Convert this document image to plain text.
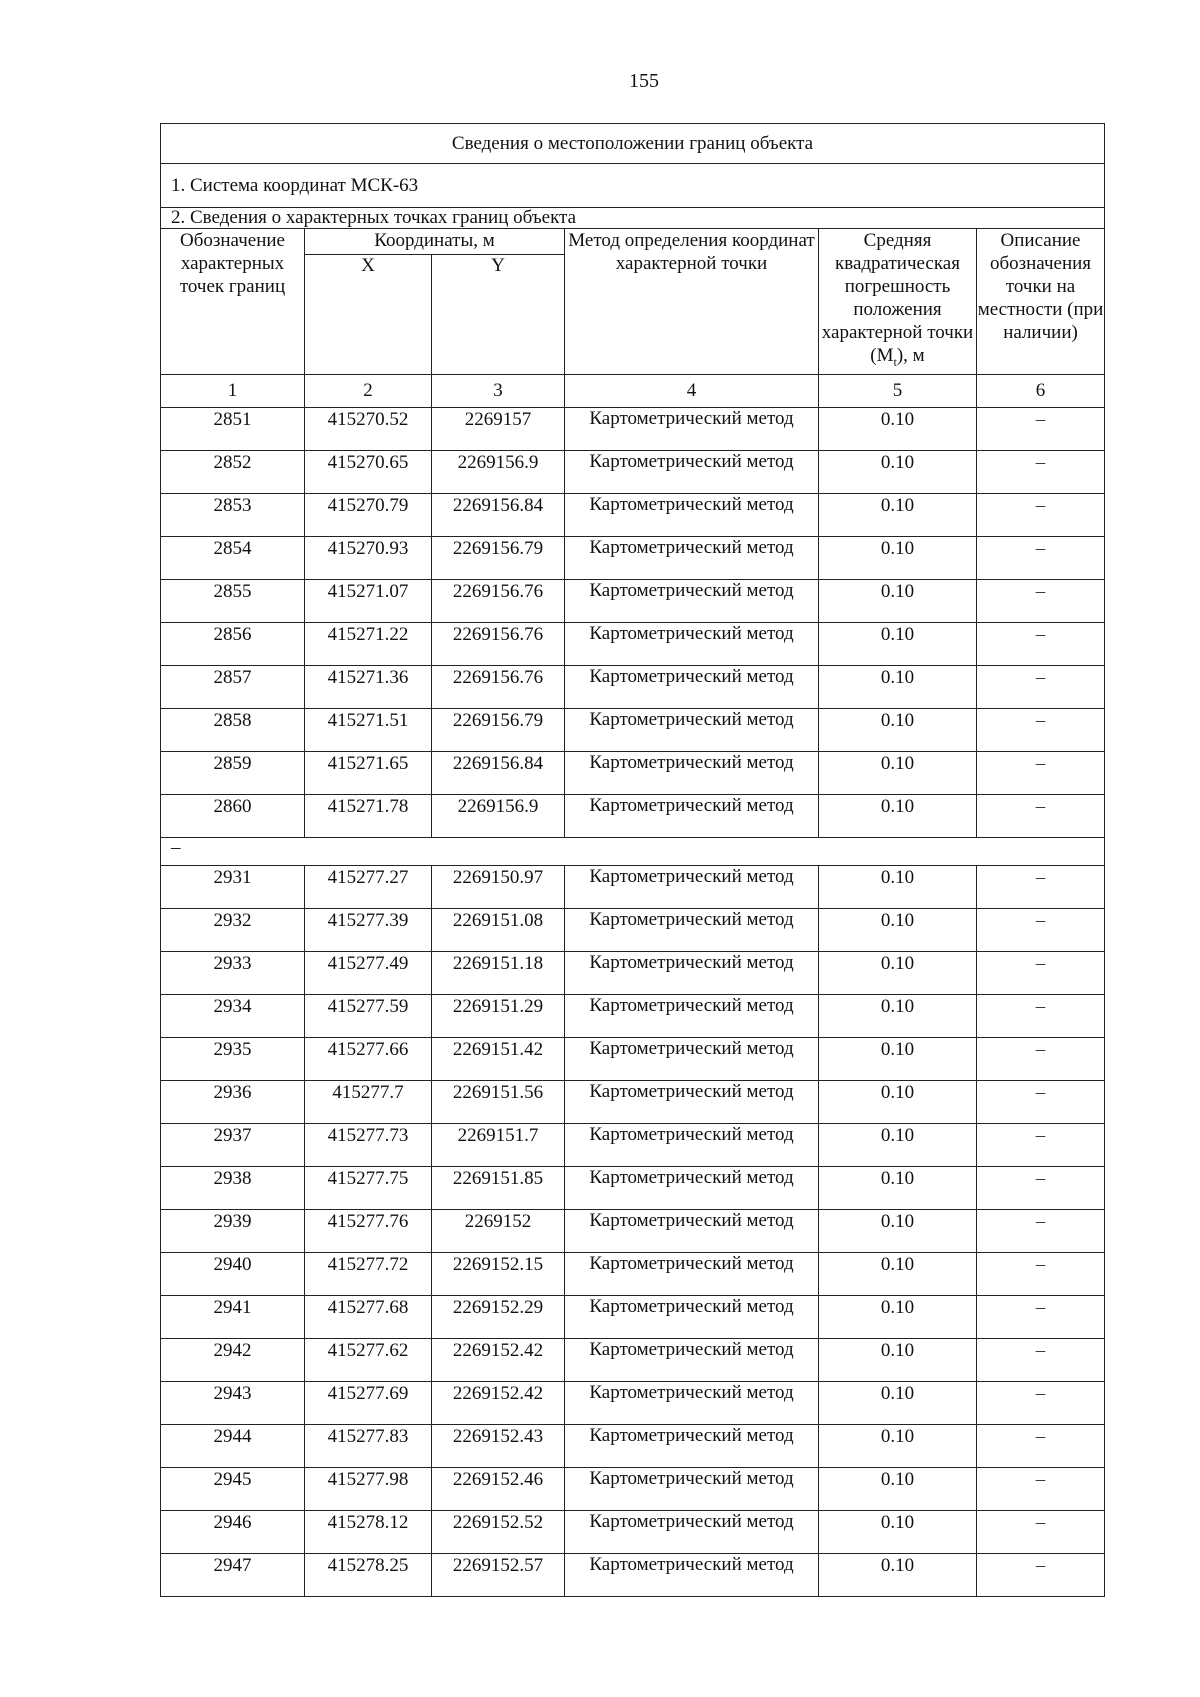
155
Сведения о местоположении границ объекта					
1. Система координат МСК-63					
2. Сведения о характерных точках границ объекта					
Обозначение характерных точек границ	Координаты, м		Метод определения координат характерной точки	Средняя квадратическая погрешность положения характерной точки $(M_t)$, м	Описание обозначения точки на местности (при наличии)
	X	Y			
1	2	3	4	5	6
2851	415270.52	2269157	Картометрический метод	0.10	–
2852	415270.65	2269156.9	Картометрический метод	0.10	–
2853	415270.79	2269156.84	Картометрический метод	0.10	–
2854	415270.93	2269156.79	Картометрический метод	0.10	–
2855	415271.07	2269156.76	Картометрический метод	0.10	–
2856	415271.22	2269156.76	Картометрический метод	0.10	–
2857	415271.36	2269156.76	Картометрический метод	0.10	–
2858	415271.51	2269156.79	Картометрический метод	0.10	–
2859	415271.65	2269156.84	Картометрический метод	0.10	–
2860	415271.78	2269156.9	Картометрический метод	0.10	–
–					
2931	415277.27	2269150.97	Картометрический метод	0.10	–
2932	415277.39	2269151.08	Картометрический метод	0.10	–
2933	415277.49	2269151.18	Картометрический метод	0.10	–
2934	415277.59	2269151.29	Картометрический метод	0.10	–
2935	415277.66	2269151.42	Картометрический метод	0.10	–
2936	415277.7	2269151.56	Картометрический метод	0.10	–
2937	415277.73	2269151.7	Картометрический метод	0.10	–
2938	415277.75	2269151.85	Картометрический метод	0.10	–
2939	415277.76	2269152	Картометрический метод	0.10	–
2940	415277.72	2269152.15	Картометрический метод	0.10	–
2941	415277.68	2269152.29	Картометрический метод	0.10	–
2942	415277.62	2269152.42	Картометрический метод	0.10	–
2943	415277.69	2269152.42	Картометрический метод	0.10	–
2944	415277.83	2269152.43	Картометрический метод	0.10	–
2945	415277.98	2269152.46	Картометрический метод	0.10	–
2946	415278.12	2269152.52	Картометрический метод	0.10	–
2947	415278.25	2269152.57	Картометрический метод	0.10	–
